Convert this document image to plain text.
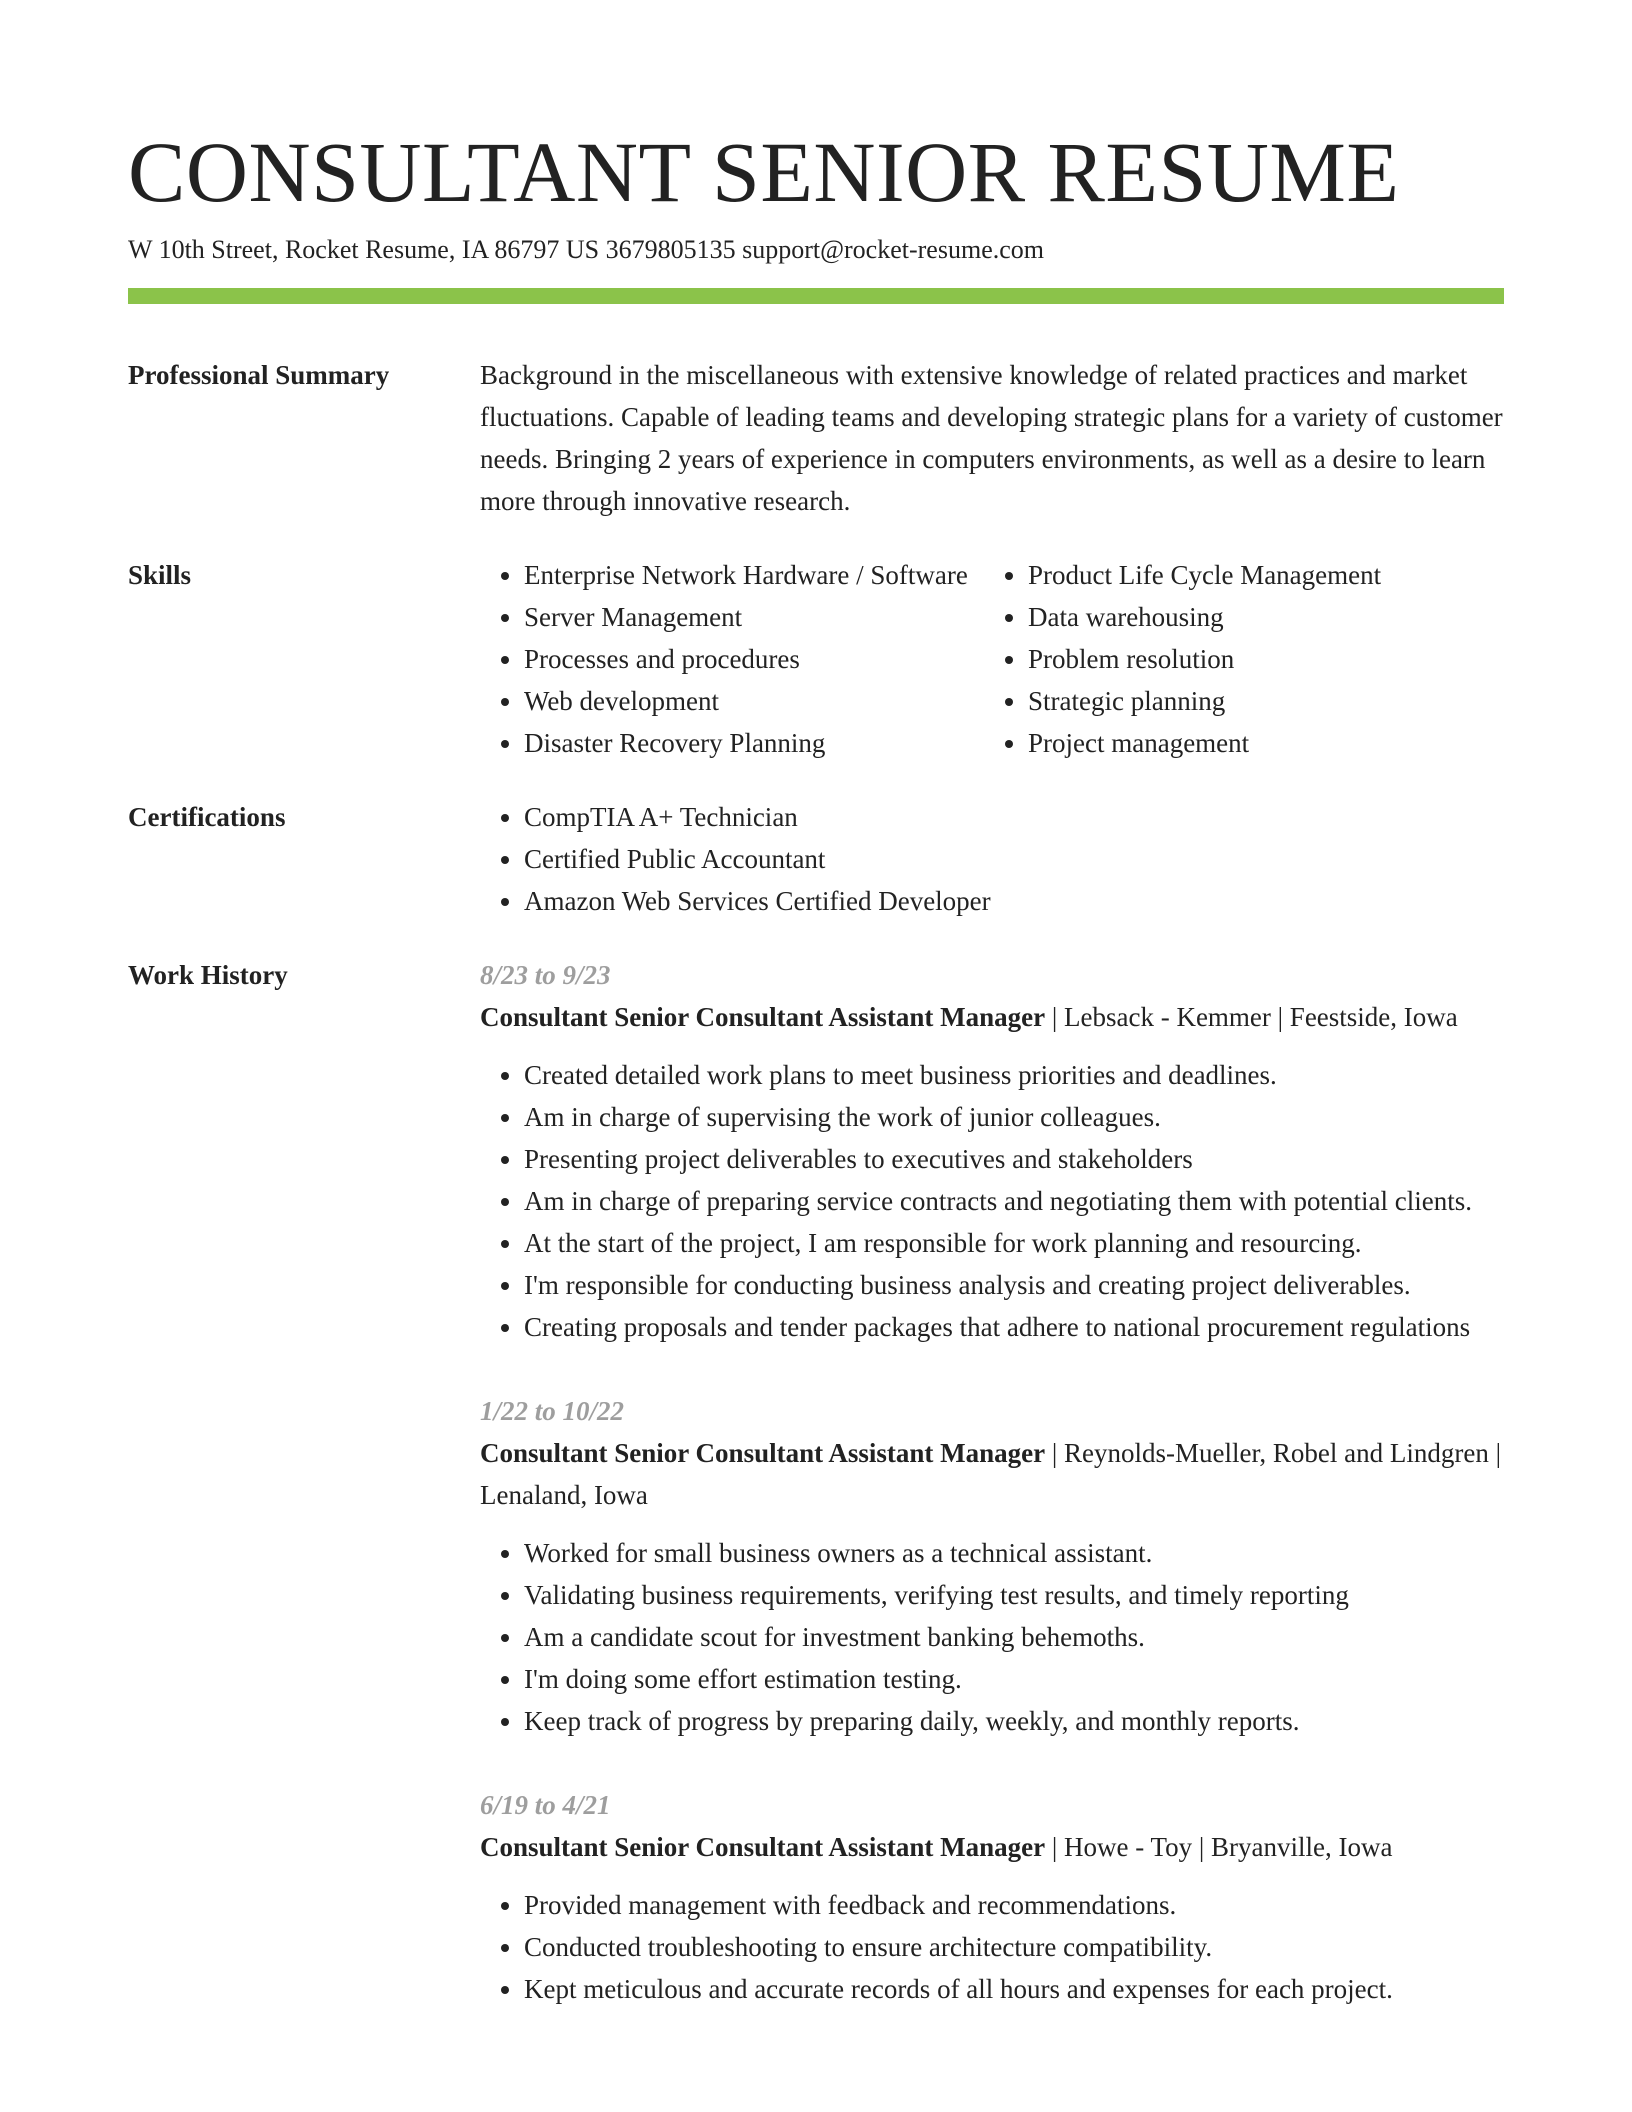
CONSULTANT SENIOR RESUME
W 10th Street, Rocket Resume, IA 86797 US 3679805135 support@rocket-resume.com
Professional Summary	Background in the miscellaneous with extensive knowledge of related practices and market fluctuations. Capable of leading teams and developing strategic plans for a variety of customer needs. Bringing 2 years of experience in computers environments, as well as a desire to learn more through innovative research.
Skills	• Enterprise Network Hardware / Software
• Server Management
• Processes and procedures
• Web development
• Disaster Recovery Planning
• Product Life Cycle Management
• Data warehousing
• Problem resolution
• Strategic planning
• Project management
Certifications	• CompTIA A+ Technician
• Certified Public Accountant
• Amazon Web Services Certified Developer
Work History	8/23 to 9/23
Consultant Senior Consultant Assistant Manager | Lebsack - Kemmer | Feestside, Iowa
• Created detailed work plans to meet business priorities and deadlines.
• Am in charge of supervising the work of junior colleagues.
• Presenting project deliverables to executives and stakeholders
• Am in charge of preparing service contracts and negotiating them with potential clients.
• At the start of the project, I am responsible for work planning and resourcing.
• I'm responsible for conducting business analysis and creating project deliverables.
• Creating proposals and tender packages that adhere to national procurement regulations
1/22 to 10/22
Consultant Senior Consultant Assistant Manager | Reynolds-Mueller, Robel and Lindgren | Lenaland, Iowa
• Worked for small business owners as a technical assistant.
• Validating business requirements, verifying test results, and timely reporting
• Am a candidate scout for investment banking behemoths.
• I'm doing some effort estimation testing.
• Keep track of progress by preparing daily, weekly, and monthly reports.
6/19 to 4/21
Consultant Senior Consultant Assistant Manager | Howe - Toy | Bryanville, Iowa
• Provided management with feedback and recommendations.
• Conducted troubleshooting to ensure architecture compatibility.
• Kept meticulous and accurate records of all hours and expenses for each project.
